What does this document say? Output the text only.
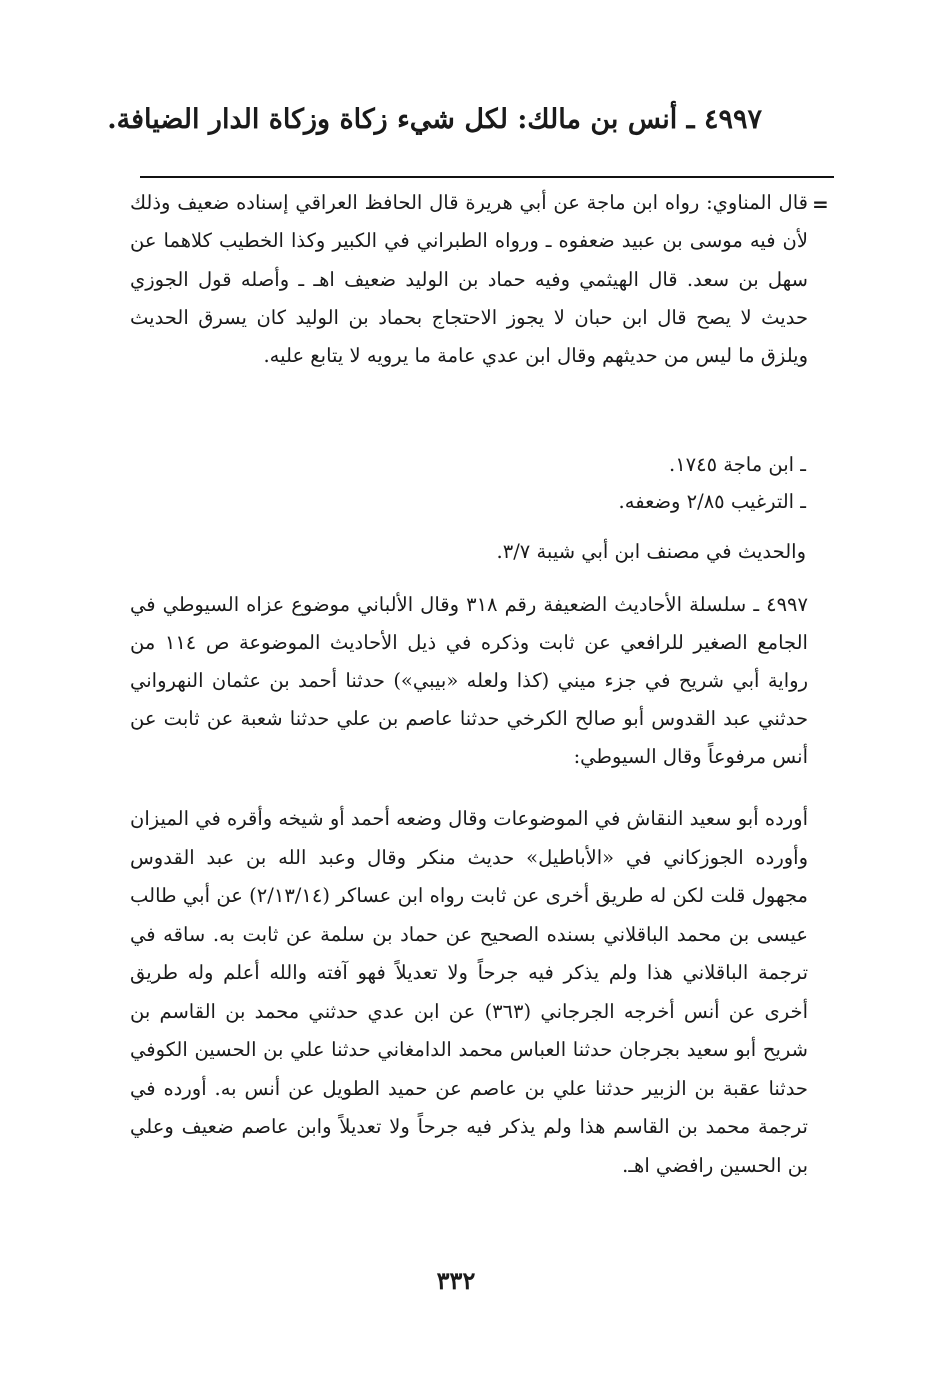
٤٩٩٧ ـ أنس بن مالك: لكل شيء زكاة وزكاة الدار الضيافة.
=
قال المناوي: رواه ابن ماجة عن أبي هريرة قال الحافظ العراقي إسناده ضعيف وذلك لأن فيه موسى بن عبيد ضعفوه ـ ورواه الطبراني في الكبير وكذا الخطيب كلاهما عن سهل بن سعد. قال الهيثمي وفيه حماد بن الوليد ضعيف اهـ ـ وأصله قول الجوزي حديث لا يصح قال ابن حبان لا يجوز الاحتجاج بحماد بن الوليد كان يسرق الحديث ويلزق ما ليس من حديثهم وقال ابن عدي عامة ما يرويه لا يتابع عليه.
ـ ابن ماجة ١٧٤٥.
ـ الترغيب ٢/٨٥ وضعفه.
والحديث في مصنف ابن أبي شيبة ٣/٧.
٤٩٩٧ ـ سلسلة الأحاديث الضعيفة رقم ٣١٨ وقال الألباني موضوع عزاه السيوطي في الجامع الصغير للرافعي عن ثابت وذكره في ذيل الأحاديث الموضوعة ص ١١٤ من رواية أبي شريح في جزء ميني (كذا ولعله «بيبي») حدثنا أحمد بن عثمان النهرواني حدثني عبد القدوس أبو صالح الكرخي حدثنا عاصم بن علي حدثنا شعبة عن ثابت عن أنس مرفوعاً وقال السيوطي:
أورده أبو سعيد النقاش في الموضوعات وقال وضعه أحمد أو شيخه وأقره في الميزان وأورده الجوزكاني في «الأباطيل» حديث منكر وقال وعبد الله بن عبد القدوس مجهول قلت لكن له طريق أخرى عن ثابت رواه ابن عساكر (٢/١٣/١٤) عن أبي طالب عيسى بن محمد الباقلاني بسنده الصحيح عن حماد بن سلمة عن ثابت به. ساقه في ترجمة الباقلاني هذا ولم يذكر فيه جرحاً ولا تعديلاً فهو آفته والله أعلم وله طريق أخرى عن أنس أخرجه الجرجاني (٣٦٣) عن ابن عدي حدثني محمد بن القاسم بن شريح أبو سعيد بجرجان حدثنا العباس محمد الدامغاني حدثنا علي بن الحسين الكوفي حدثنا عقبة بن الزبير حدثنا علي بن عاصم عن حميد الطويل عن أنس به. أورده في ترجمة محمد بن القاسم هذا ولم يذكر فيه جرحاً ولا تعديلاً وابن عاصم ضعيف وعلي بن الحسين رافضي اهـ.
٣٣٢
